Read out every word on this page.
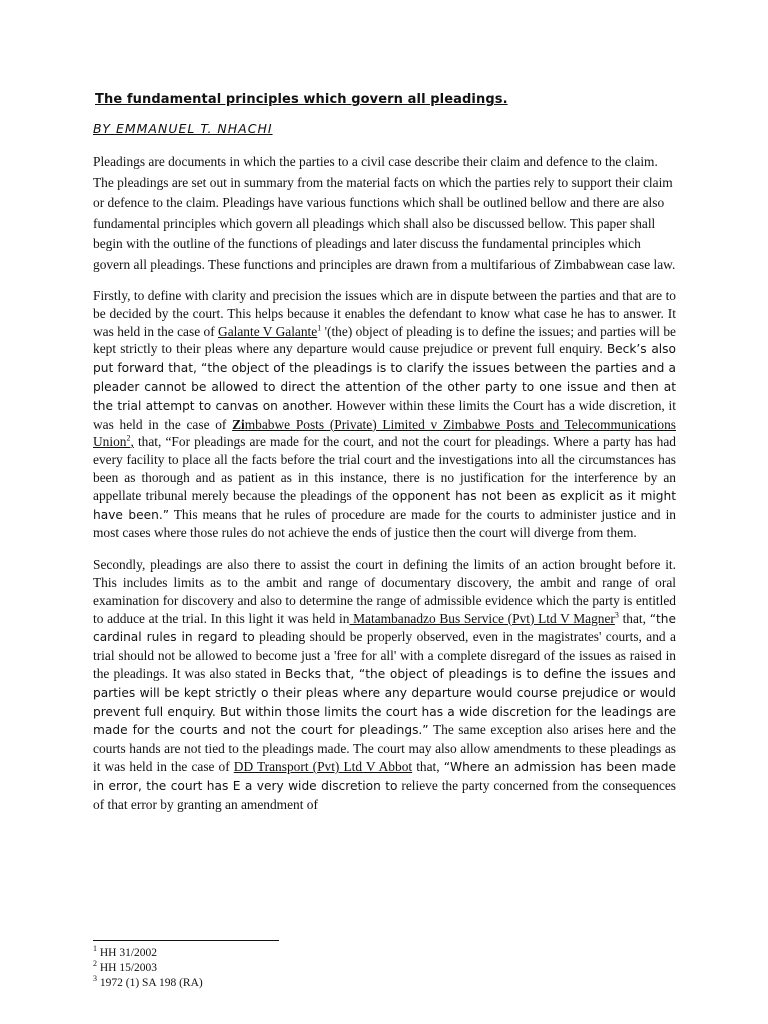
The fundamental principles which govern all pleadings.
BY EMMANUEL T. NHACHI

Pleadings are documents in which the parties to a civil case describe their claim and defence to the claim. The pleadings are set out in summary from the material facts on which the parties rely to support their claim or defence to the claim. Pleadings have various functions which shall be outlined bellow and there are also fundamental principles which govern all pleadings which shall also be discussed bellow. This paper shall begin with the outline of the functions of pleadings and later discuss the fundamental principles which govern all pleadings. These functions and principles are drawn from a multifarious of Zimbabwean case law.

Firstly, to define with clarity and precision the issues which are in dispute between the parties and that are to be decided by the court. This helps because it enables the defendant to know what case he has to answer. It was held in the case of Galante V Galante$^1$ '(the) object of pleading is to define the issues; and parties will be kept strictly to their pleas where any departure would cause prejudice or prevent full enquiry. Beck’s also put forward that, “the object of the pleadings is to clarify the issues between the parties and a pleader cannot be allowed to direct the attention of the other party to one issue and then at the trial attempt to canvas on another. However within these limits the Court has a wide discretion, it was held in the case of Zimbabwe Posts (Private) Limited v Zimbabwe Posts and Telecommunications Union$^2$, that, “For pleadings are made for the court, and not the court for pleadings. Where a party has had every facility to place all the facts before the trial court and the investigations into all the circumstances has been as thorough and as patient as in this instance, there is no justification for the interference by an appellate tribunal merely because the pleadings of the opponent has not been as explicit as it might have been.” This means that he rules of procedure are made for the courts to administer justice and in most cases where those rules do not achieve the ends of justice then the court will diverge from them.

Secondly, pleadings are also there to assist the court in defining the limits of an action brought before it. This includes limits as to the ambit and range of documentary discovery, the ambit and range of oral examination for discovery and also to determine the range of admissible evidence which the party is entitled to adduce at the trial. In this light it was held in Matambanadzo Bus Service (Pvt) Ltd V Magner$^3$ that, “the cardinal rules in regard to pleading should be properly observed, even in the magistrates' courts, and a trial should not be allowed to become just a 'free for all' with a complete disregard of the issues as raised in the pleadings. It was also stated in Becks that, “the object of pleadings is to define the issues and parties will be kept strictly o their pleas where any departure would course prejudice or would prevent full enquiry. But within those limits the court has a wide discretion for the leadings are made for the courts and not the court for pleadings.” The same exception also arises here and the courts hands are not tied to the pleadings made. The court may also allow amendments to these pleadings as it was held in the case of DD Transport (Pvt) Ltd V Abbot that, “Where an admission has been made in error, the court has E a very wide discretion to relieve the party concerned from the consequences of that error by granting an amendment of

$^1$ HH 31/2002
$^2$ HH 15/2003
$^3$ 1972 (1) SA 198 (RA)
